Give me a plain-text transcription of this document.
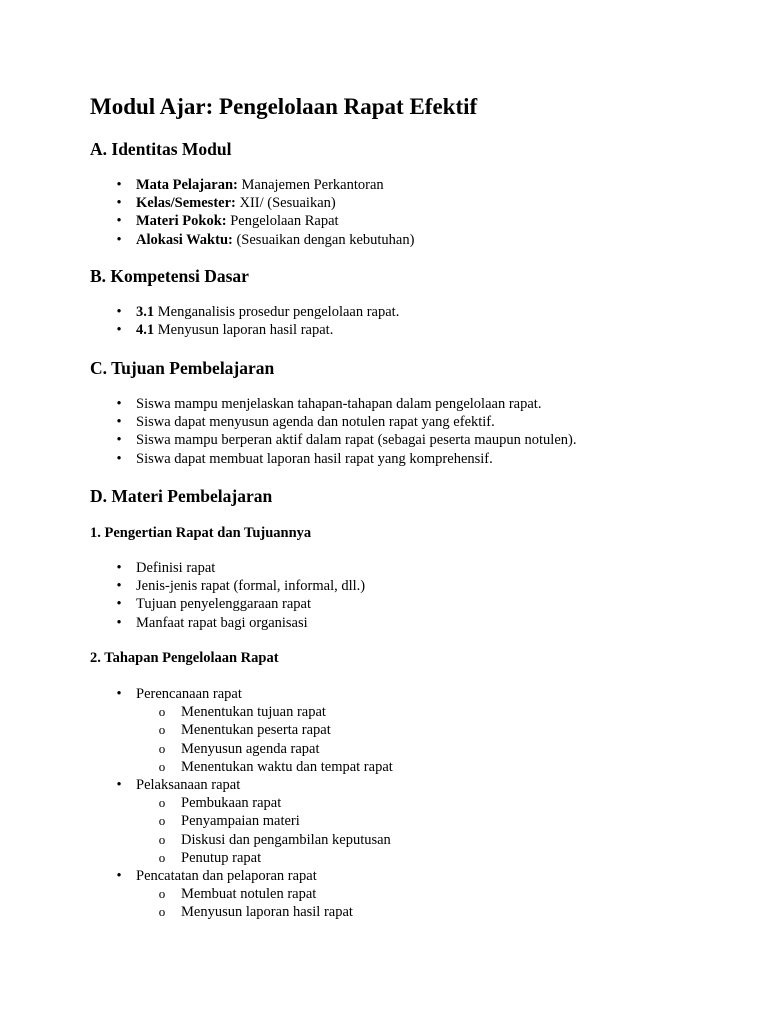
Modul Ajar: Pengelolaan Rapat Efektif
A. Identitas Modul
• Mata Pelajaran: Manajemen Perkantoran
• Kelas/Semester: XII/ (Sesuaikan)
• Materi Pokok: Pengelolaan Rapat
• Alokasi Waktu: (Sesuaikan dengan kebutuhan)
B. Kompetensi Dasar
• 3.1 Menganalisis prosedur pengelolaan rapat.
• 4.1 Menyusun laporan hasil rapat.
C. Tujuan Pembelajaran
• Siswa mampu menjelaskan tahapan-tahapan dalam pengelolaan rapat.
• Siswa dapat menyusun agenda dan notulen rapat yang efektif.
• Siswa mampu berperan aktif dalam rapat (sebagai peserta maupun notulen).
• Siswa dapat membuat laporan hasil rapat yang komprehensif.
D. Materi Pembelajaran
1. Pengertian Rapat dan Tujuannya
• Definisi rapat
• Jenis-jenis rapat (formal, informal, dll.)
• Tujuan penyelenggaraan rapat
• Manfaat rapat bagi organisasi
2. Tahapan Pengelolaan Rapat
• Perencanaan rapat
o Menentukan tujuan rapat
o Menentukan peserta rapat
o Menyusun agenda rapat
o Menentukan waktu dan tempat rapat
• Pelaksanaan rapat
o Pembukaan rapat
o Penyampaian materi
o Diskusi dan pengambilan keputusan
o Penutup rapat
• Pencatatan dan pelaporan rapat
o Membuat notulen rapat
o Menyusun laporan hasil rapat
